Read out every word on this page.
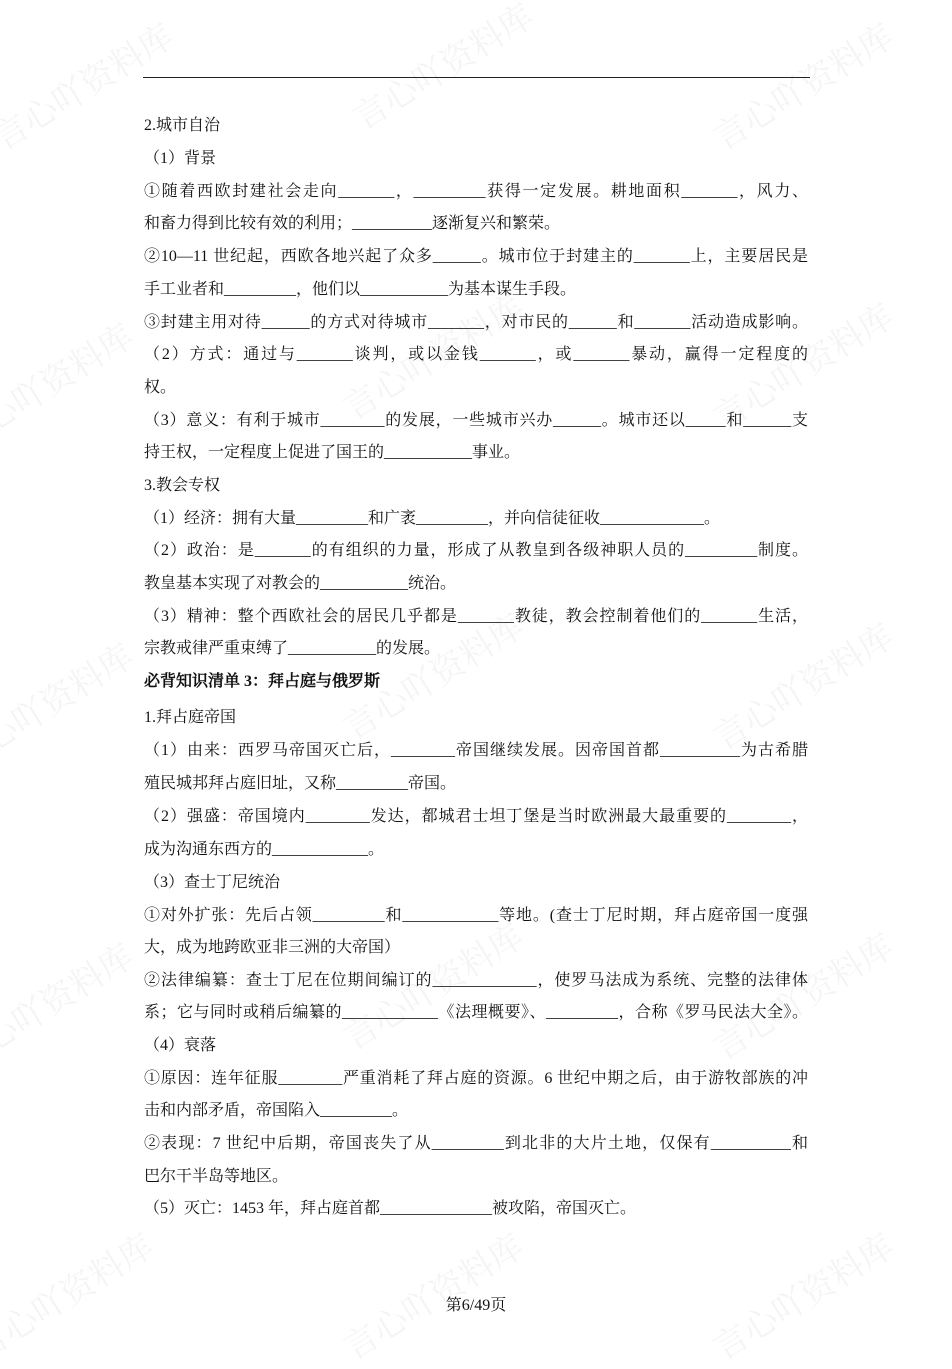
2.城市自治
（1）背景
①随着西欧封建社会走向_______，_________获得一定发展。耕地面积_______，风力、
和畜力得到比较有效的利用；__________逐渐复兴和繁荣。
②10—11 世纪起，西欧各地兴起了众多______。城市位于封建主的_______上，主要居民是
手工业者和_________，他们以___________为基本谋生手段。
③封建主用对待______的方式对待城市_______，对市民的______和_______活动造成影响。
（2）方式：通过与_______谈判，或以金钱_______，或_______暴动，赢得一定程度的
权。
（3）意义：有利于城市________的发展，一些城市兴办______。城市还以_____和______支
持王权，一定程度上促进了国王的___________事业。
3.教会专权
（1）经济：拥有大量_________和广袤_________，并向信徒征收_____________。
（2）政治：是_______的有组织的力量，形成了从教皇到各级神职人员的_________制度。
教皇基本实现了对教会的___________统治。
（3）精神：整个西欧社会的居民几乎都是_______教徒，教会控制着他们的_______生活，
宗教戒律严重束缚了___________的发展。
必背知识清单 3：拜占庭与俄罗斯
1.拜占庭帝国
（1）由来：西罗马帝国灭亡后，________帝国继续发展。因帝国首都__________为古希腊
殖民城邦拜占庭旧址，又称_________帝国。
（2）强盛：帝国境内________发达，都城君士坦丁堡是当时欧洲最大最重要的________，
成为沟通东西方的____________。
（3）查士丁尼统治
①对外扩张：先后占领_________和____________等地。(查士丁尼时期，拜占庭帝国一度强
大，成为地跨欧亚非三洲的大帝国）
②法律编纂：查士丁尼在位期间编订的_____________，使罗马法成为系统、完整的法律体
系；它与同时或稍后编纂的____________《法理概要》、_________，合称《罗马民法大全》。
（4）衰落
①原因：连年征服________严重消耗了拜占庭的资源。6 世纪中期之后，由于游牧部族的冲
击和内部矛盾，帝国陷入_________。
②表现：7 世纪中后期，帝国丧失了从_________到北非的大片土地，仅保有__________和
巴尔干半岛等地区。
（5）灭亡：1453 年，拜占庭首都______________被攻陷，帝国灭亡。
第6/49页
